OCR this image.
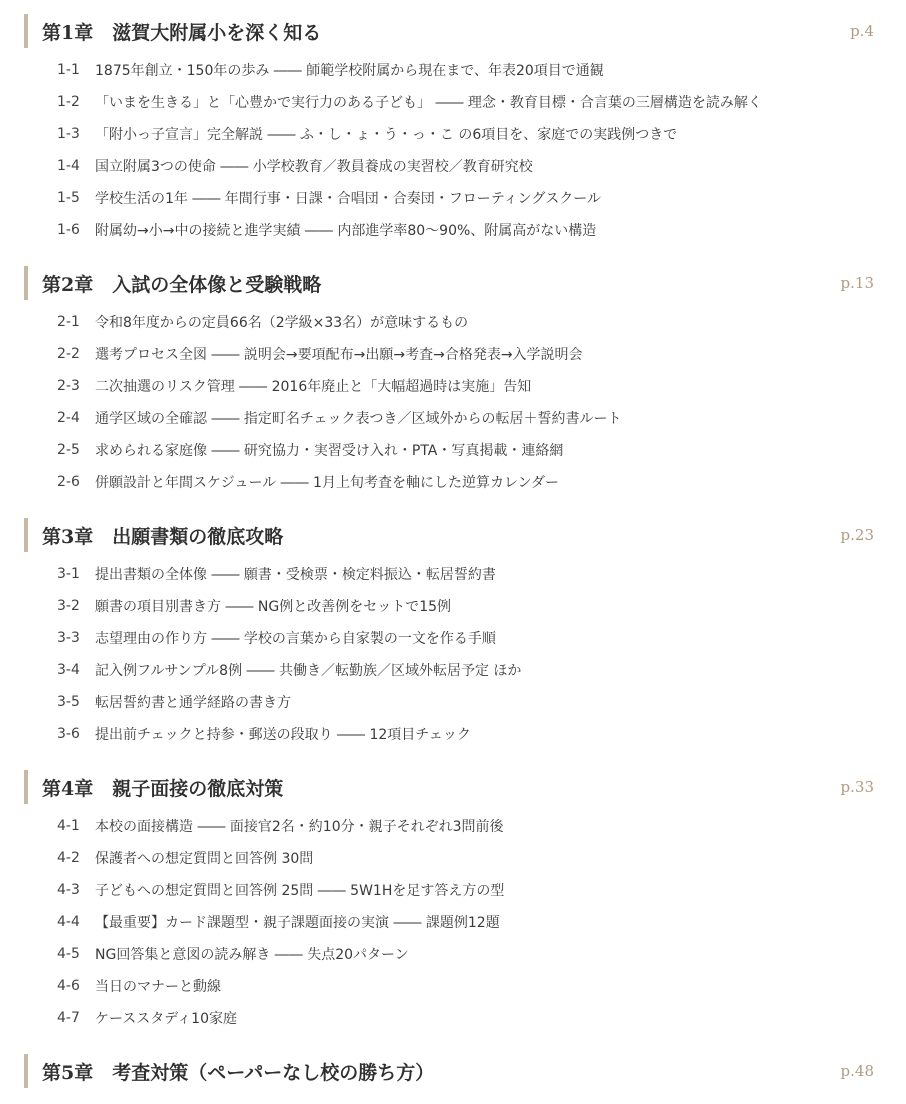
第1章　滋賀大附属小を深く知る	p.4
1-1	1875年創立・150年の歩み ―― 師範学校附属から現在まで、年表20項目で通観
1-2	「いまを生きる」と「心豊かで実行力のある子ども」 ―― 理念・教育目標・合言葉の三層構造を読み解く
1-3	「附小っ子宣言」完全解説 ―― ふ・し・ょ・う・っ・こ の6項目を、家庭での実践例つきで
1-4	国立附属3つの使命 ―― 小学校教育／教員養成の実習校／教育研究校
1-5	学校生活の1年 ―― 年間行事・日課・合唱団・合奏団・フローティングスクール
1-6	附属幼→小→中の接続と進学実績 ―― 内部進学率80〜90%、附属高がない構造
第2章　入試の全体像と受験戦略	p.13
2-1	令和8年度からの定員66名（2学級×33名）が意味するもの
2-2	選考プロセス全図 ―― 説明会→要項配布→出願→考査→合格発表→入学説明会
2-3	二次抽選のリスク管理 ―― 2016年廃止と「大幅超過時は実施」告知
2-4	通学区域の全確認 ―― 指定町名チェック表つき／区域外からの転居＋誓約書ルート
2-5	求められる家庭像 ―― 研究協力・実習受け入れ・PTA・写真掲載・連絡網
2-6	併願設計と年間スケジュール ―― 1月上旬考査を軸にした逆算カレンダー
第3章　出願書類の徹底攻略	p.23
3-1	提出書類の全体像 ―― 願書・受検票・検定料振込・転居誓約書
3-2	願書の項目別書き方 ―― NG例と改善例をセットで15例
3-3	志望理由の作り方 ―― 学校の言葉から自家製の一文を作る手順
3-4	記入例フルサンプル8例 ―― 共働き／転勤族／区域外転居予定 ほか
3-5	転居誓約書と通学経路の書き方
3-6	提出前チェックと持参・郵送の段取り ―― 12項目チェック
第4章　親子面接の徹底対策	p.33
4-1	本校の面接構造 ―― 面接官2名・約10分・親子それぞれ3問前後
4-2	保護者への想定質問と回答例 30問
4-3	子どもへの想定質問と回答例 25問 ―― 5W1Hを足す答え方の型
4-4	【最重要】カード課題型・親子課題面接の実演 ―― 課題例12題
4-5	NG回答集と意図の読み解き ―― 失点20パターン
4-6	当日のマナーと動線
4-7	ケーススタディ10家庭
第5章　考査対策（ペーパーなし校の勝ち方）	p.48
